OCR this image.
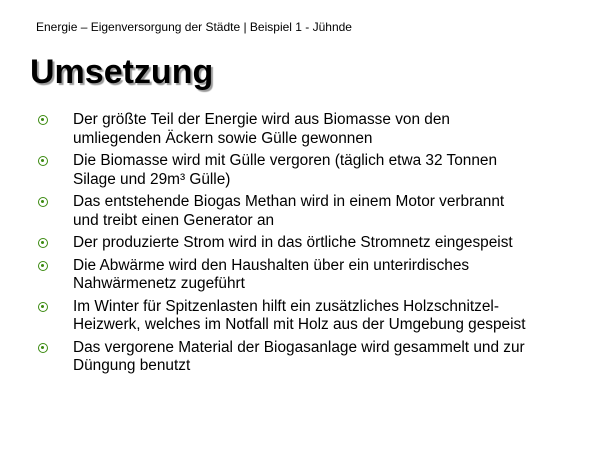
Energie – Eigenversorgung der Städte | Beispiel 1 - Jühnde
Umsetzung
Der größte Teil der Energie wird aus Biomasse von den
umliegenden Äckern sowie Gülle gewonnen
Die Biomasse wird mit Gülle vergoren (täglich etwa 32 Tonnen
Silage und 29m³ Gülle)
Das entstehende Biogas Methan wird in einem Motor verbrannt
und treibt einen Generator an
Der produzierte Strom wird in das örtliche Stromnetz eingespeist
Die Abwärme wird den Haushalten über ein unterirdisches
Nahwärmenetz zugeführt
Im Winter für Spitzenlasten hilft ein zusätzliches Holzschnitzel-
Heizwerk, welches im Notfall mit Holz aus der Umgebung gespeist
Das vergorene Material der Biogasanlage wird gesammelt und zur
Düngung benutzt
